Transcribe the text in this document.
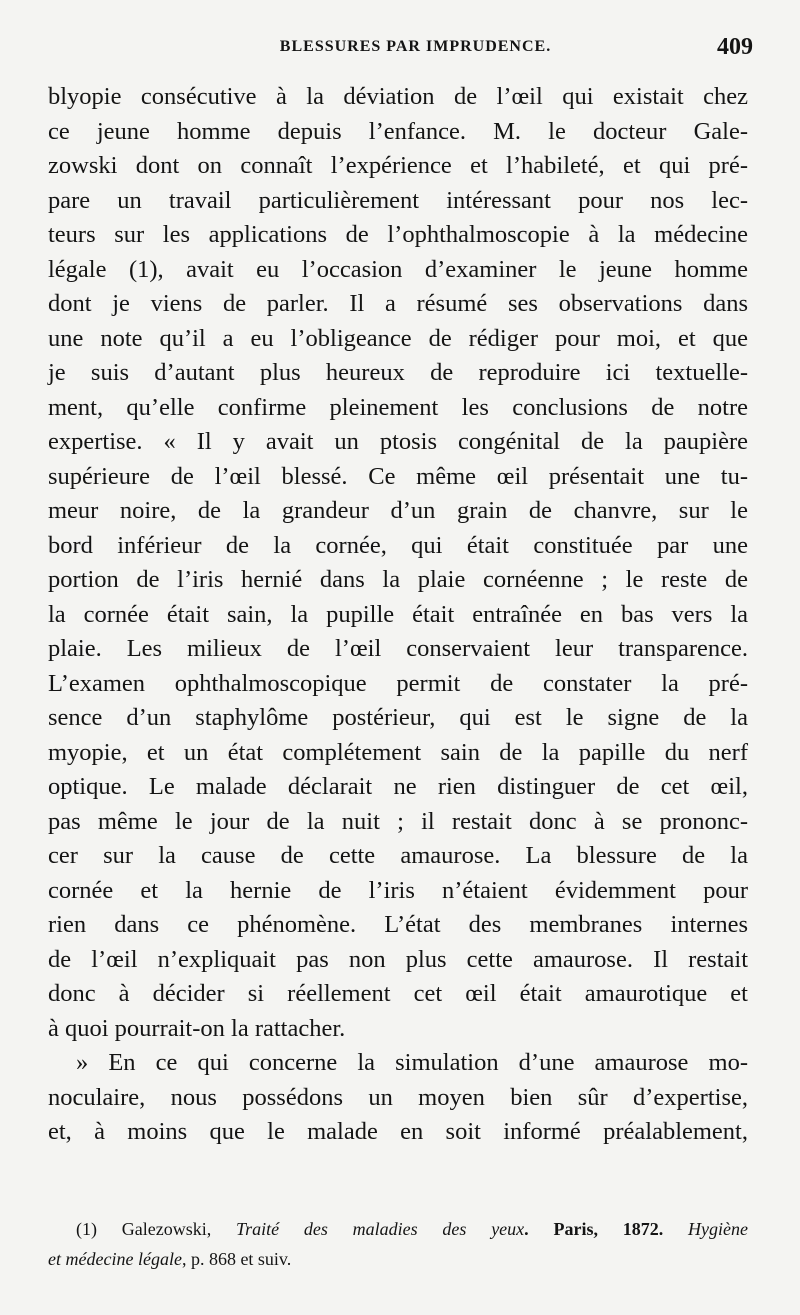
BLESSURES PAR IMPRUDENCE.	409
blyopie consécutive à la déviation de l’œil qui existait chez
ce jeune homme depuis l’enfance. M. le docteur Gale-
zowski dont on connaît l’expérience et l’habileté, et qui pré-
pare un travail particulièrement intéressant pour nos lec-
teurs sur les applications de l’ophthalmoscopie à la médecine
légale (1), avait eu l’occasion d’examiner le jeune homme
dont je viens de parler. Il a résumé ses observations dans
une note qu’il a eu l’obligeance de rédiger pour moi, et que
je suis d’autant plus heureux de reproduire ici textuelle-
ment, qu’elle confirme pleinement les conclusions de notre
expertise. « Il y avait un ptosis congénital de la paupière
supérieure de l’œil blessé. Ce même œil présentait une tu-
meur noire, de la grandeur d’un grain de chanvre, sur le
bord inférieur de la cornée, qui était constituée par une
portion de l’iris hernié dans la plaie cornéenne ; le reste de
la cornée était sain, la pupille était entraînée en bas vers la
plaie. Les milieux de l’œil conservaient leur transparence.
L’examen ophthalmoscopique permit de constater la pré-
sence d’un staphylôme postérieur, qui est le signe de la
myopie, et un état complétement sain de la papille du nerf
optique. Le malade déclarait ne rien distinguer de cet œil,
pas même le jour de la nuit ; il restait donc à se prononc-
cer sur la cause de cette amaurose. La blessure de la
cornée et la hernie de l’iris n’étaient évidemment pour
rien dans ce phénomène. L’état des membranes internes
de l’œil n’expliquait pas non plus cette amaurose. Il restait
donc à décider si réellement cet œil était amaurotique et
à quoi pourrait-on la rattacher.
» En ce qui concerne la simulation d’une amaurose mo-
noculaire, nous possédons un moyen bien sûr d’expertise,
et, à moins que le malade en soit informé préalablement,
(1) Galezowski, Traité des maladies des yeux. Paris, 1872. Hygiène
et médecine légale, p. 868 et suiv.
